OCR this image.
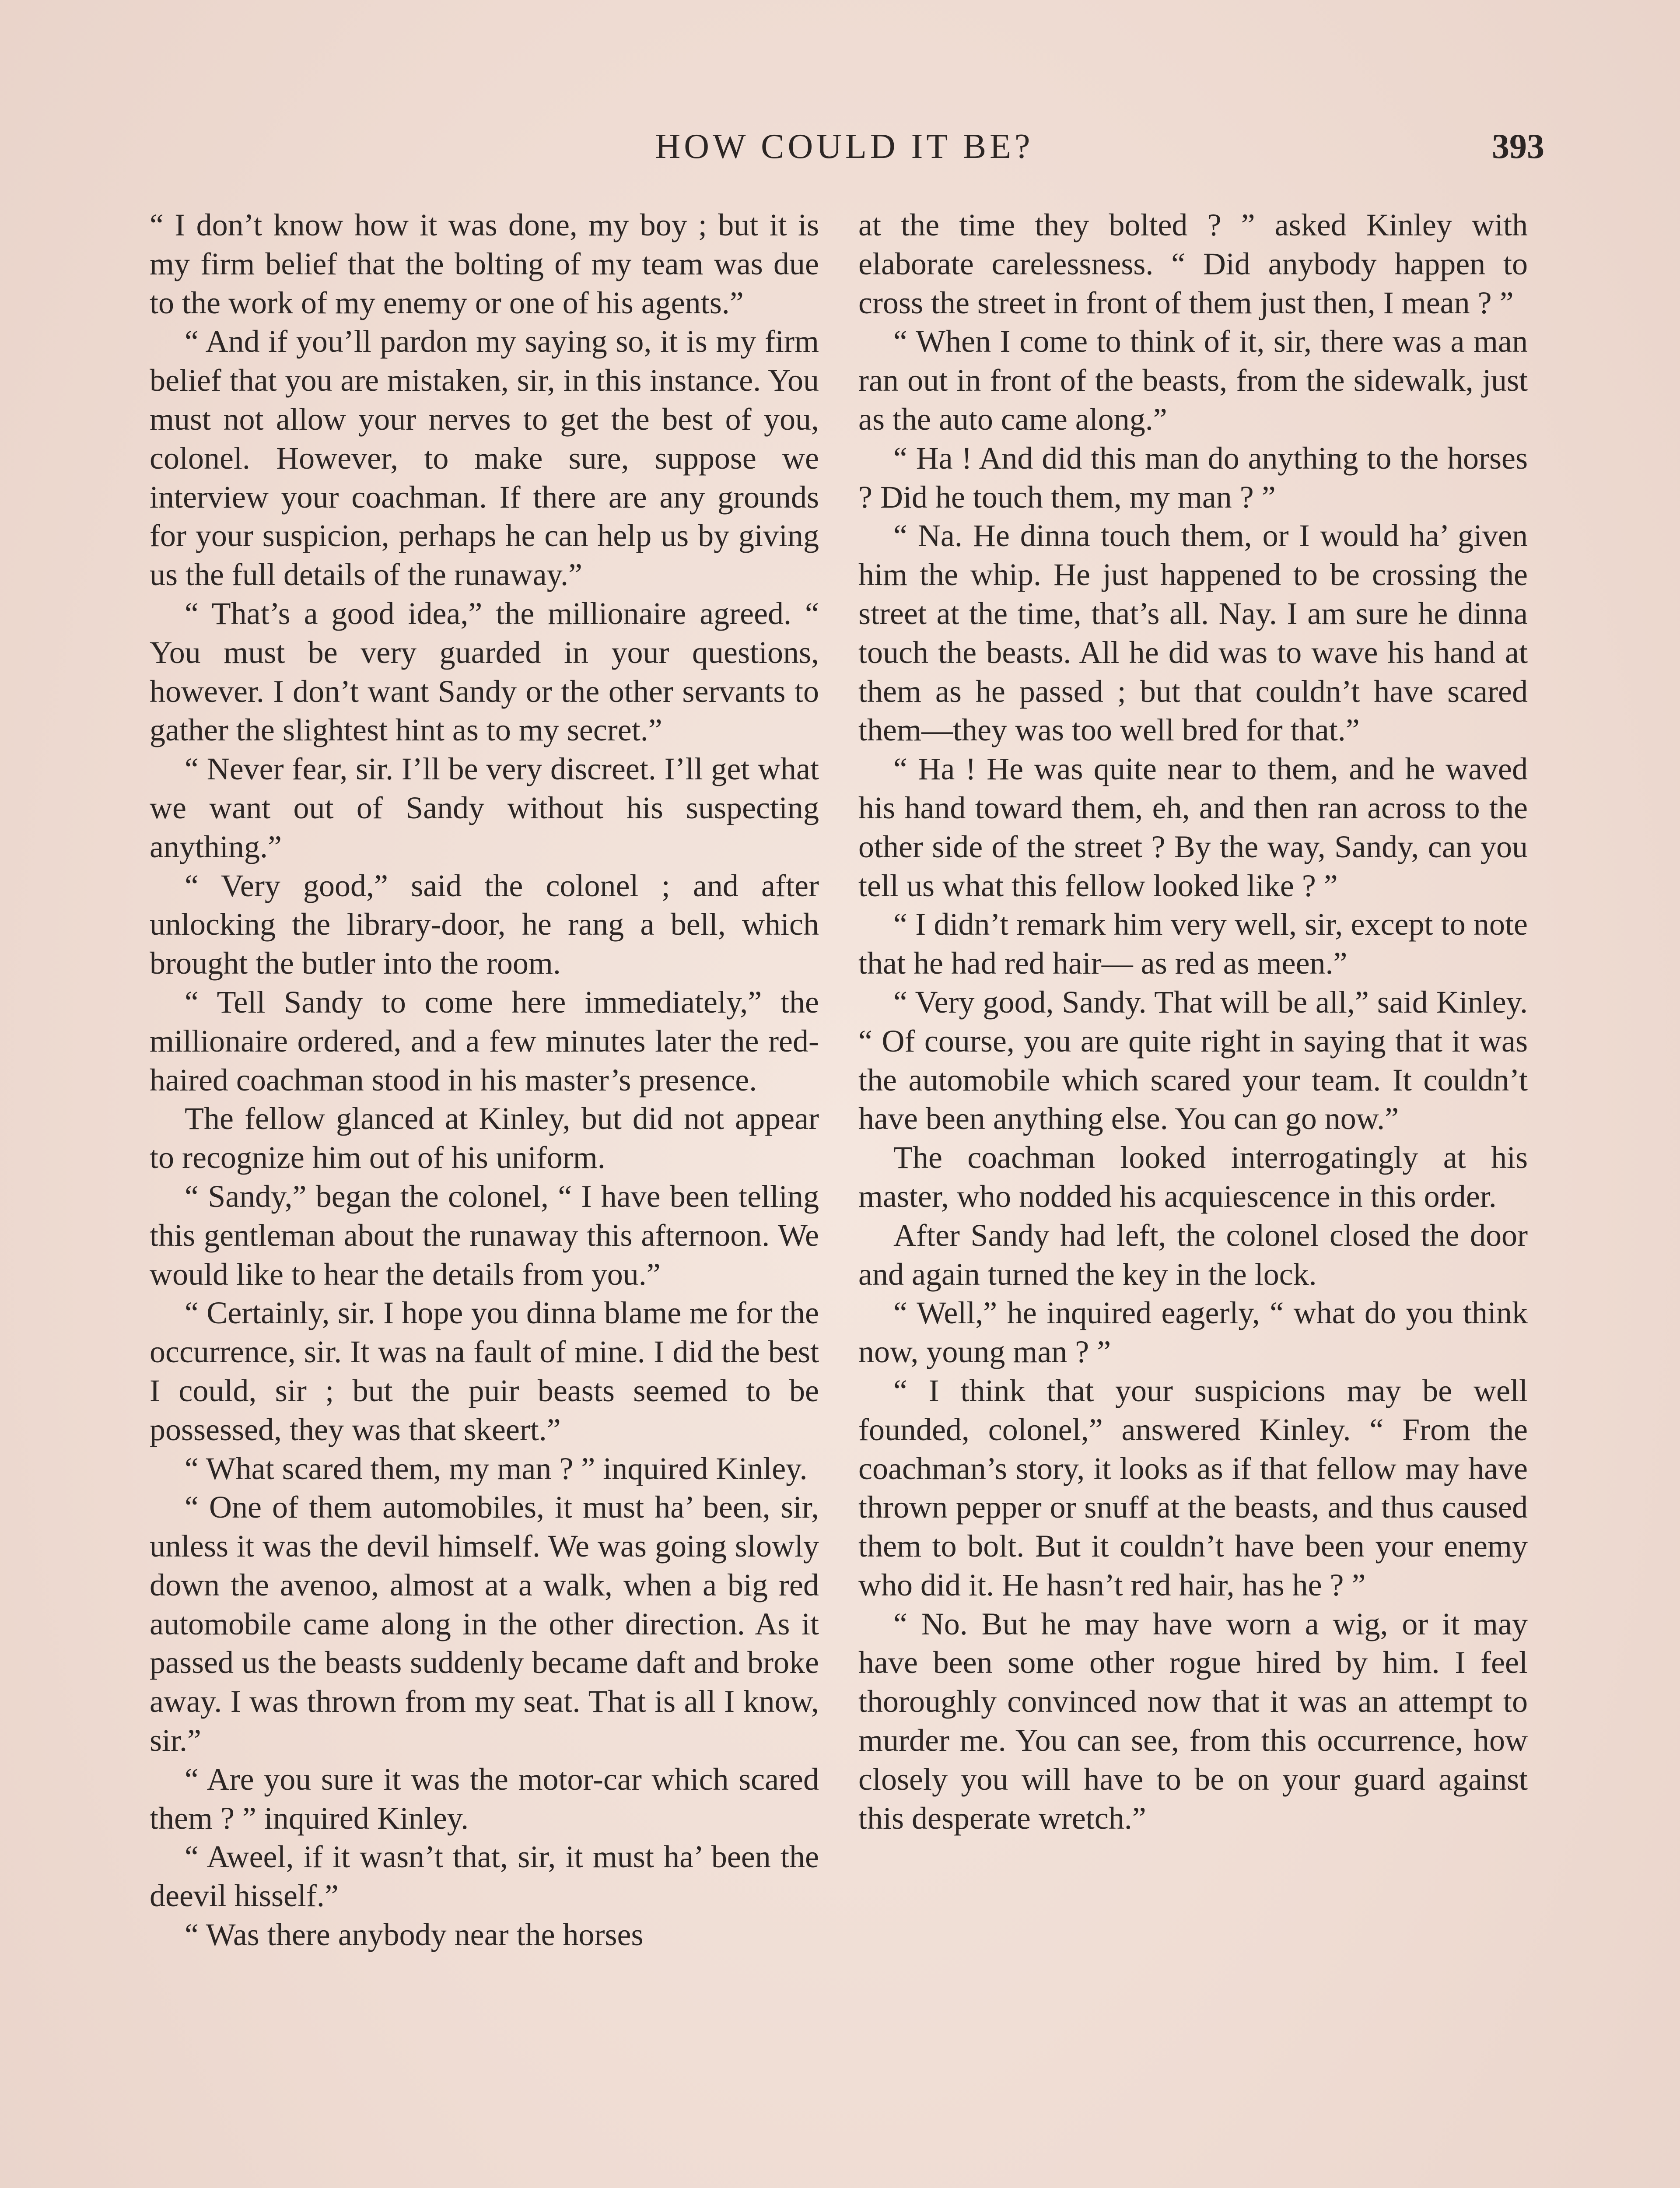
HOW COULD IT BE?	393

“ I don’t know how it was done, my boy ; but it is my firm belief that the bolting of my team was due to the work of my enemy or one of his agents.”

“ And if you’ll pardon my saying so, it is my firm belief that you are mistaken, sir, in this instance. You must not allow your nerves to get the best of you, colonel. However, to make sure, suppose we interview your coachman. If there are any grounds for your suspicion, perhaps he can help us by giving us the full details of the runaway.”

“ That’s a good idea,” the millionaire agreed. “ You must be very guarded in your questions, however. I don’t want Sandy or the other servants to gather the slightest hint as to my secret.”

“ Never fear, sir. I’ll be very discreet. I’ll get what we want out of Sandy without his suspecting anything.”

“ Very good,” said the colonel ; and after unlocking the library-door, he rang a bell, which brought the butler into the room.

“ Tell Sandy to come here immediately,” the millionaire ordered, and a few minutes later the red-haired coachman stood in his master’s presence.

The fellow glanced at Kinley, but did not appear to recognize him out of his uniform.

“ Sandy,” began the colonel, “ I have been telling this gentleman about the runaway this afternoon. We would like to hear the details from you.”

“ Certainly, sir. I hope you dinna blame me for the occurrence, sir. It was na fault of mine. I did the best I could, sir ; but the puir beasts seemed to be possessed, they was that skeert.”

“ What scared them, my man ? ” inquired Kinley.

“ One of them automobiles, it must ha’ been, sir, unless it was the devil himself. We was going slowly down the avenoo, almost at a walk, when a big red automobile came along in the other direction. As it passed us the beasts suddenly became daft and broke away. I was thrown from my seat. That is all I know, sir.”

“ Are you sure it was the motor-car which scared them ? ” inquired Kinley.

“ Aweel, if it wasn’t that, sir, it must ha’ been the deevil hisself.”

“ Was there anybody near the horses

at the time they bolted ? ” asked Kinley with elaborate carelessness. “ Did anybody happen to cross the street in front of them just then, I mean ? ”

“ When I come to think of it, sir, there was a man ran out in front of the beasts, from the sidewalk, just as the auto came along.”

“ Ha ! And did this man do anything to the horses ? Did he touch them, my man ? ”

“ Na. He dinna touch them, or I would ha’ given him the whip. He just happened to be crossing the street at the time, that’s all. Nay. I am sure he dinna touch the beasts. All he did was to wave his hand at them as he passed ; but that couldn’t have scared them—they was too well bred for that.”

“ Ha ! He was quite near to them, and he waved his hand toward them, eh, and then ran across to the other side of the street ? By the way, Sandy, can you tell us what this fellow looked like ? ”

“ I didn’t remark him very well, sir, except to note that he had red hair— as red as meen.”

“ Very good, Sandy. That will be all,” said Kinley. “ Of course, you are quite right in saying that it was the automobile which scared your team. It couldn’t have been anything else. You can go now.”

The coachman looked interrogatingly at his master, who nodded his acquiescence in this order.

After Sandy had left, the colonel closed the door and again turned the key in the lock.

“ Well,” he inquired eagerly, “ what do you think now, young man ? ”

“ I think that your suspicions may be well founded, colonel,” answered Kinley. “ From the coachman’s story, it looks as if that fellow may have thrown pepper or snuff at the beasts, and thus caused them to bolt. But it couldn’t have been your enemy who did it. He hasn’t red hair, has he ? ”

“ No. But he may have worn a wig, or it may have been some other rogue hired by him. I feel thoroughly convinced now that it was an attempt to murder me. You can see, from this occurrence, how closely you will have to be on your guard against this desperate wretch.”
